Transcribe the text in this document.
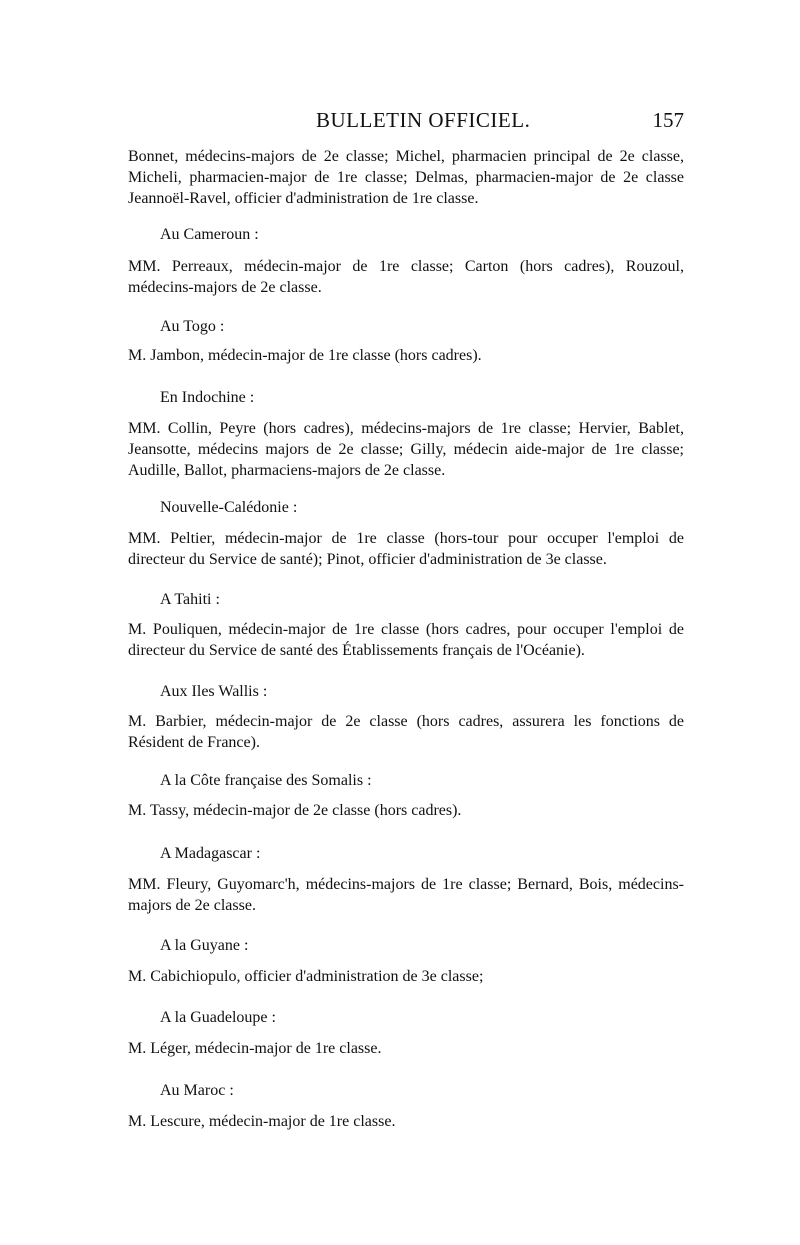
BULLETIN OFFICIEL.	157
Bonnet, médecins-majors de 2e classe; Michel, pharmacien principal de 2e classe, Micheli, pharmacien-major de 1re classe; Delmas, pharmacien-major de 2e classe Jeannoël-Ravel, officier d'administration de 1re classe.
Au Cameroun :
MM. Perreaux, médecin-major de 1re classe; Carton (hors cadres), Rouzoul, médecins-majors de 2e classe.
Au Togo :
M. Jambon, médecin-major de 1re classe (hors cadres).
En Indochine :
MM. Collin, Peyre (hors cadres), médecins-majors de 1re classe; Hervier, Bablet, Jeansotte, médecins majors de 2e classe; Gilly, médecin aide-major de 1re classe; Audille, Ballot, pharmaciens-majors de 2e classe.
Nouvelle-Calédonie :
MM. Peltier, médecin-major de 1re classe (hors-tour pour occuper l'emploi de directeur du Service de santé); Pinot, officier d'administration de 3e classe.
A Tahiti :
M. Pouliquen, médecin-major de 1re classe (hors cadres, pour occuper l'emploi de directeur du Service de santé des Établissements français de l'Océanie).
Aux Iles Wallis :
M. Barbier, médecin-major de 2e classe (hors cadres, assurera les fonctions de Résident de France).
A la Côte française des Somalis :
M. Tassy, médecin-major de 2e classe (hors cadres).
A Madagascar :
MM. Fleury, Guyomarc'h, médecins-majors de 1re classe; Bernard, Bois, médecins-majors de 2e classe.
A la Guyane :
M. Cabichiopulo, officier d'administration de 3e classe;
A la Guadeloupe :
M. Léger, médecin-major de 1re classe.
Au Maroc :
M. Lescure, médecin-major de 1re classe.
